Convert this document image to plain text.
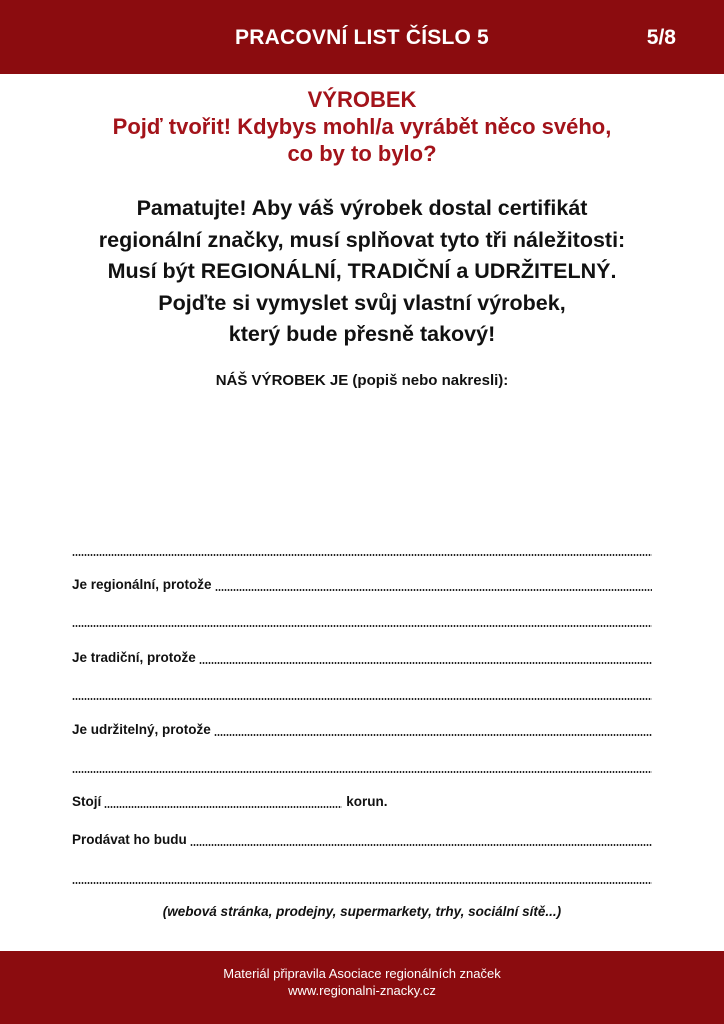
PRACOVNÍ LIST ČÍSLO 5	5/8
VÝROBEK
Pojď tvořit! Kdybys mohl/a vyrábět něco svého,
co by to bylo?
Pamatujte! Aby váš výrobek dostal certifikát
regionální značky, musí splňovat tyto tři náležitosti:
Musí být REGIONÁLNÍ, TRADIČNÍ a UDRŽITELNÝ.
Pojďte si vymyslet svůj vlastní výrobek,
který bude přesně takový!
NÁŠ VÝROBEK JE (popiš nebo nakresli):
Je regionální, protože
Je tradiční, protože
Je udržitelný, protože
Stojí	korun.
Prodávat ho budu
(webová stránka, prodejny, supermarkety, trhy, sociální sítě...)
Materiál připravila Asociace regionálních značek
www.regionalni-znacky.cz
